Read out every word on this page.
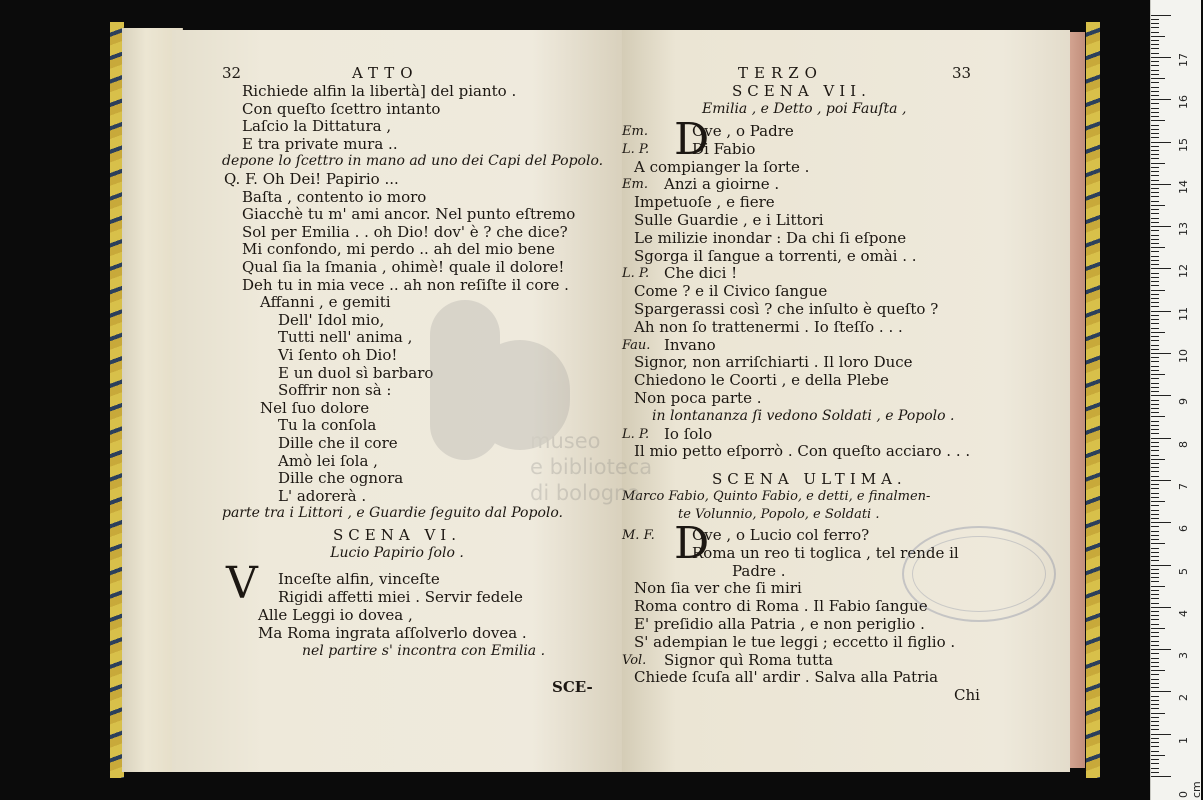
32	ATTO
Richiede alfin la libertà] del pianto .
Con queſto ſcettro intanto
Laſcio la Dittatura ,
E tra private mura ..
depone lo ſcettro in mano ad uno dei Capi del Popolo.
Q. F. Oh Dei! Papirio ...
Baſta , contento io moro
Giacchè tu m' ami ancor. Nel punto eſtremo
Sol per Emilia . . oh Dio! dov' è ? che dice?
Mi confondo, mi perdo .. ah del mio bene
Qual ſia la ſmania , ohimè! quale il dolore!
Deh tu in mia vece .. ah non reſiſte il core .
Affanni , e gemiti
Dell' Idol mio,
Tutti nell' anima ,
Vi ſento oh Dio!
E un duol sì barbaro
Soffrir non sà :
Nel ſuo dolore
Tu la conſola
Dille che il core
Amò lei ſola ,
Dille che ognora
L' adorerà .
parte tra i Littori , e Guardie ſeguito dal Popolo.
SCENA VI.
Lucio Papirio ſolo .
V Inceſte alfin, vinceſte
Rigidi affetti miei . Servir fedele
Alle Leggi io dovea ,
Ma Roma ingrata aſſolverlo dovea .
nel partire s' incontra con Emilia .
SCE-
TERZO	33
SCENA VII.
Emilia , e Detto , poi Fauſta ,
Em. D
Ove , o Padre
L. P.	Di Fabio
A compianger la ſorte .
Em. Anzi a gioirne .
Impetuoſe , e fiere
Sulle Guardie , e i Littori
Le milizie inondar : Da chi ſi eſpone
Sgorga il ſangue a torrenti, e omài . .
L. P. Che dici !
Come ? e il Civico ſangue
Spargerassi così ? che inſulto è queſto ?
Ah non ſo trattenermi . Io ſteſſo . . .
Fau. Invano
Signor, non arriſchiarti . Il loro Duce
Chiedono le Coorti , e della Plebe
Non poca parte .
in lontananza ſi vedono Soldati , e Popolo .
L. P. Io ſolo
Il mio petto eſporrò . Con queſto acciaro . . .
SCENA ULTIMA.
Marco Fabio, Quinto Fabio, e detti, e finalmen-
te Volunnio, Popolo, e Soldati .
M. F. D
Ove , o Lucio col ferro?
Roma un reo ti toglica , tel rende il
Padre .
Non ſia ver che ſi miri
Roma contro di Roma . Il Fabio ſangue
E' preſidio alla Patria , e non periglio .
S' adempian le tue leggi ; eccetto il figlio .
Vol. Signor quì Roma tutta
Chiede ſcuſa all' ardir . Salva alla Patria
Chi
museo
e biblioteca
di bologna
17
16
15
14
13
12
11
10
9
8
7
6
5
4
3
2
1
0 cm
